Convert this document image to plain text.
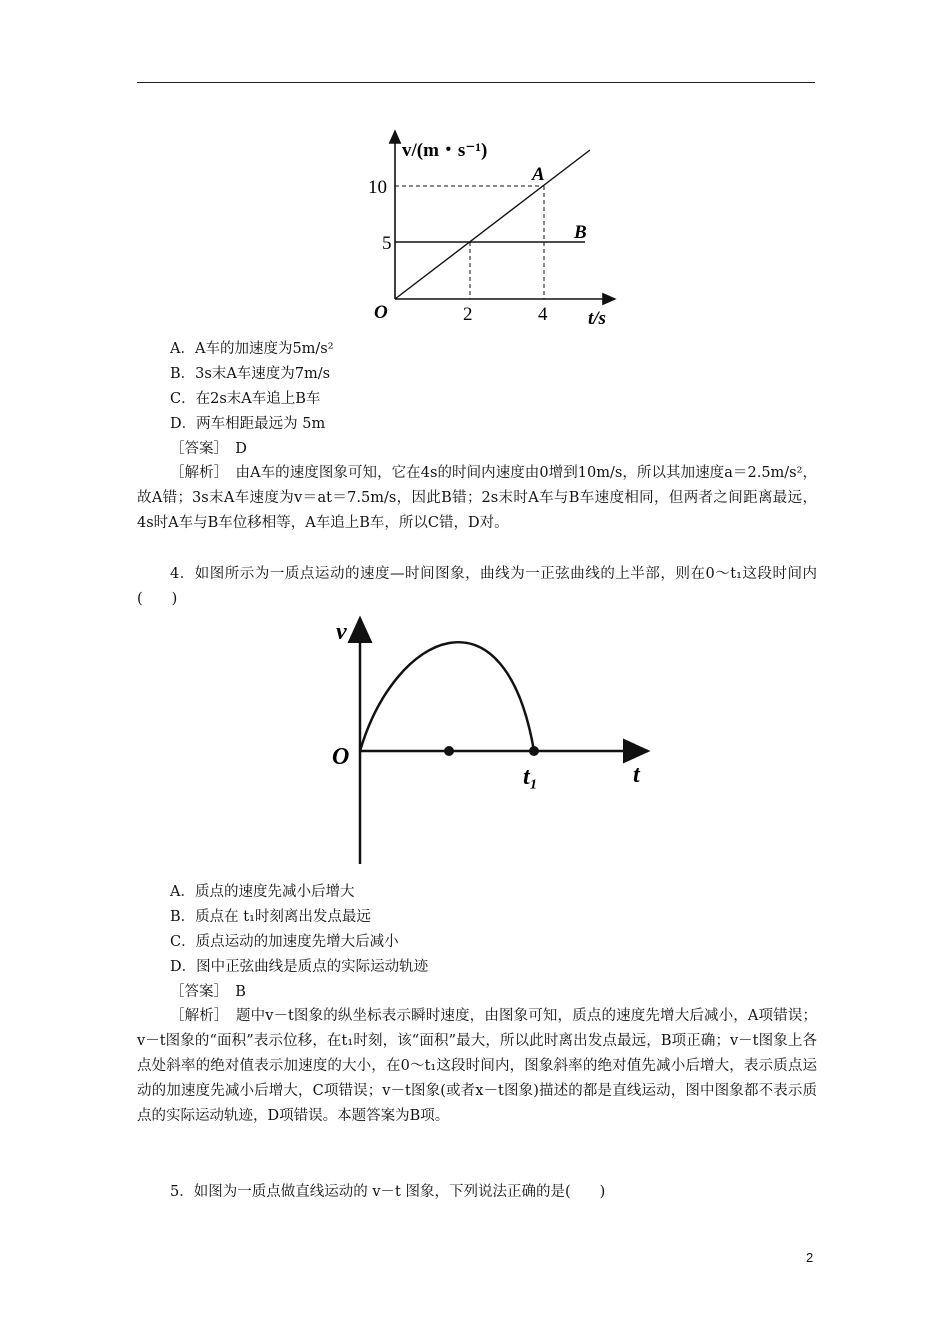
v/(m・s⁻¹)
t/s
O	2	4
10
5
A
B
A．A车的加速度为5m/s²
B．3s末A车速度为7m/s
C．在2s末A车追上B车
D．两车相距最远为 5m
［答案］　D
［解析］　由A车的速度图象可知，它在4s的时间内速度由0增到10m/s，所以其加速度a＝2.5m/s²，故A错；3s末A车速度为v＝at＝7.5m/s，因此B错；2s末时A车与B车速度相同，但两者之间距离最远，4s时A车与B车位移相等，A车追上B车，所以C错，D对。
4．如图所示为一质点运动的速度—时间图象，曲线为一正弦曲线的上半部，则在0～t₁这段时间内(　　)
v
t
O
t₁
A．质点的速度先减小后增大
B．质点在 t₁时刻离出发点最远
C．质点运动的加速度先增大后减小
D．图中正弦曲线是质点的实际运动轨迹
［答案］　B
［解析］　题中v－t图象的纵坐标表示瞬时速度，由图象可知，质点的速度先增大后减小，A项错误；v－t图象的“面积”表示位移，在t₁时刻，该“面积”最大，所以此时离出发点最远，B项正确；v－t图象上各点处斜率的绝对值表示加速度的大小，在0～t₁这段时间内，图象斜率的绝对值先减小后增大，表示质点运动的加速度先减小后增大，C项错误；v－t图象(或者x－t图象)描述的都是直线运动，图中图象都不表示质点的实际运动轨迹，D项错误。本题答案为B项。
5．如图为一质点做直线运动的 v－t 图象，下列说法正确的是(　　)
2
